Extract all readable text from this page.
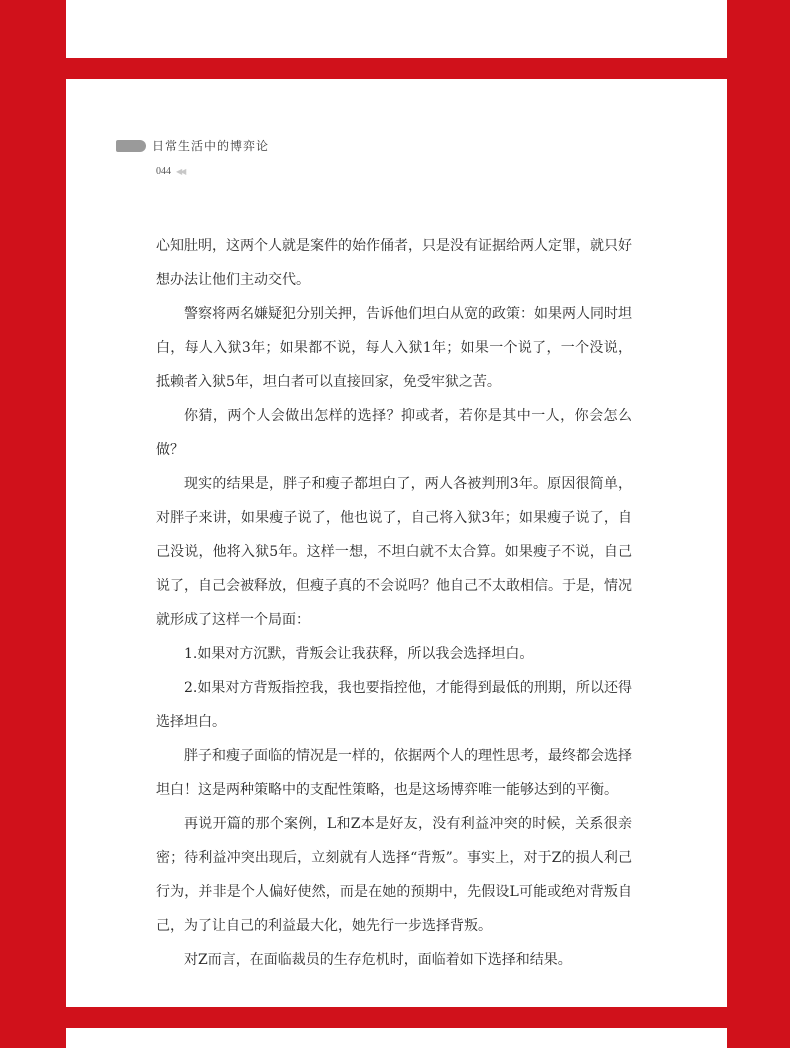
日常生活中的博弈论
044 ◀◀

心知肚明，这两个人就是案件的始作俑者，只是没有证据给两人定罪，就只好想办法让他们主动交代。

警察将两名嫌疑犯分别关押，告诉他们坦白从宽的政策：如果两人同时坦白，每人入狱3年；如果都不说，每人入狱1年；如果一个说了，一个没说，抵赖者入狱5年，坦白者可以直接回家，免受牢狱之苦。

你猜，两个人会做出怎样的选择？抑或者，若你是其中一人，你会怎么做？

现实的结果是，胖子和瘦子都坦白了，两人各被判刑3年。原因很简单，对胖子来讲，如果瘦子说了，他也说了，自己将入狱3年；如果瘦子说了，自己没说，他将入狱5年。这样一想，不坦白就不太合算。如果瘦子不说，自己说了，自己会被释放，但瘦子真的不会说吗？他自己不太敢相信。于是，情况就形成了这样一个局面：

1.如果对方沉默，背叛会让我获释，所以我会选择坦白。

2.如果对方背叛指控我，我也要指控他，才能得到最低的刑期，所以还得选择坦白。

胖子和瘦子面临的情况是一样的，依据两个人的理性思考，最终都会选择坦白！这是两种策略中的支配性策略，也是这场博弈唯一能够达到的平衡。

再说开篇的那个案例，L和Z本是好友，没有利益冲突的时候，关系很亲密；待利益冲突出现后，立刻就有人选择“背叛”。事实上，对于Z的损人利己行为，并非是个人偏好使然，而是在她的预期中，先假设L可能或绝对背叛自己，为了让自己的利益最大化，她先行一步选择背叛。

对Z而言，在面临裁员的生存危机时，面临着如下选择和结果。
